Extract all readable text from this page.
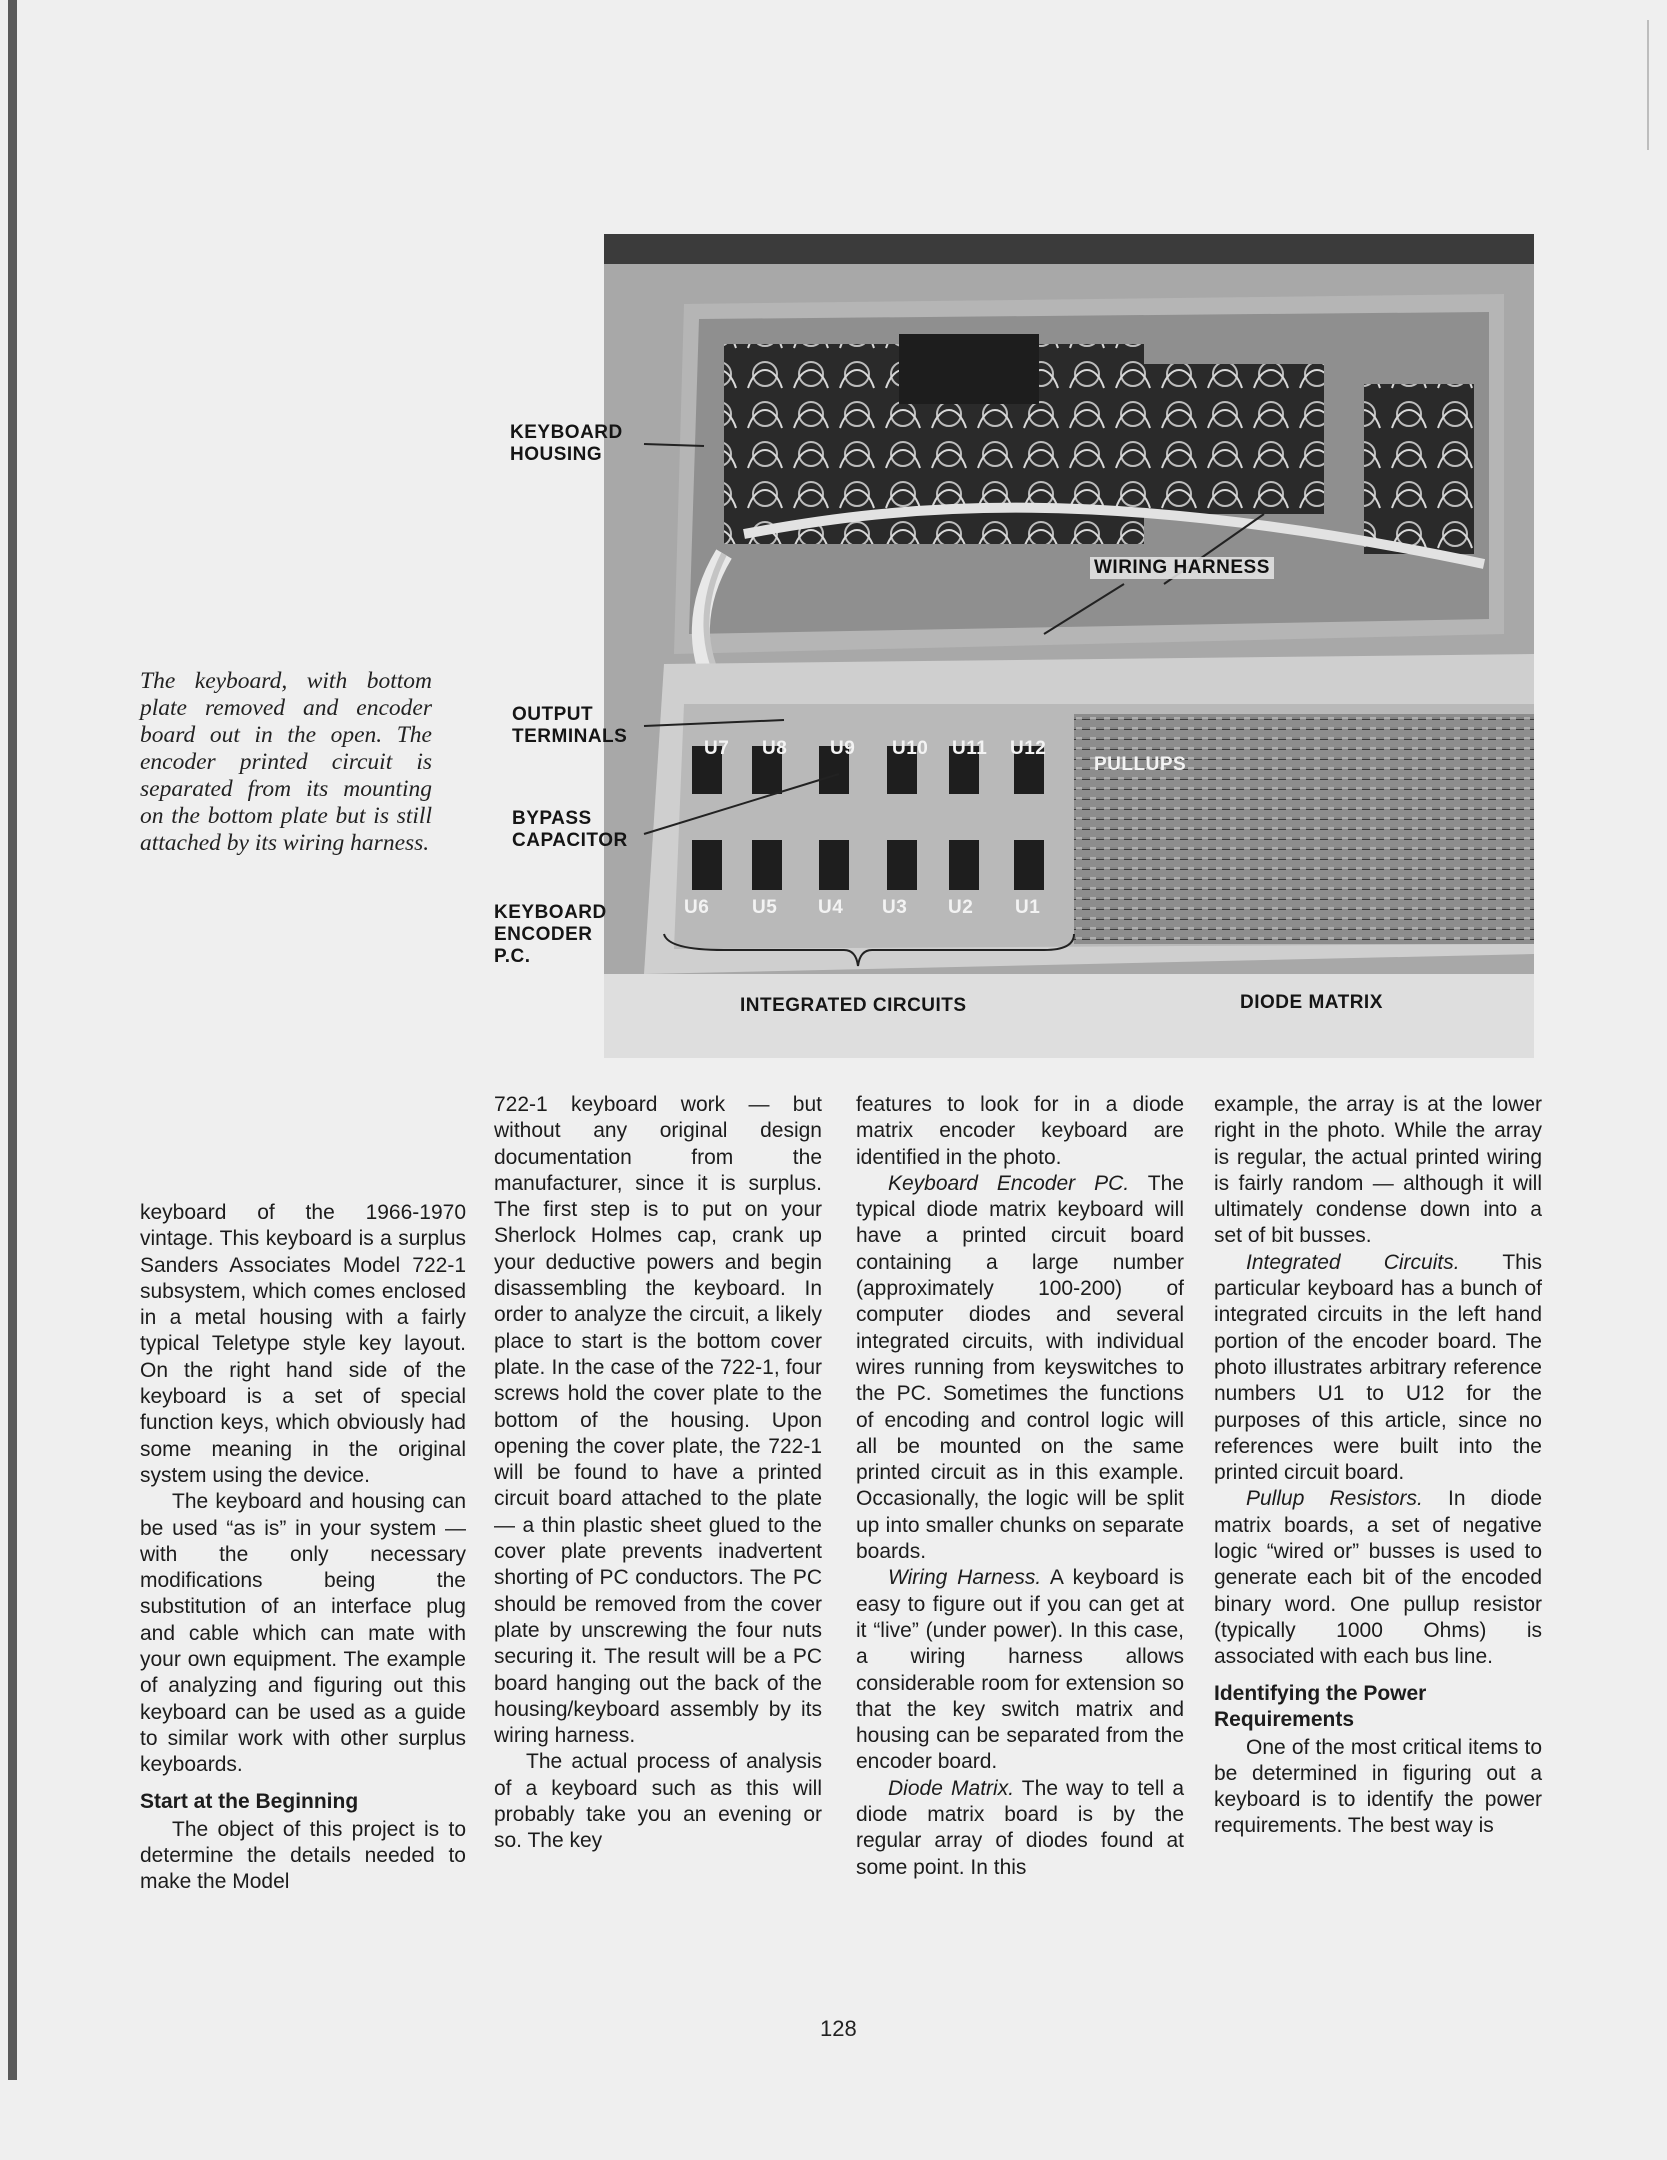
The keyboard, with bottom plate removed and encoder board out in the open. The encoder printed circuit is separated from its mounting on the bottom plate but is still attached by its wiring harness.
KEYBOARD
HOUSING
WIRING HARNESS
OUTPUT
TERMINALS
BYPASS
CAPACITOR
KEYBOARD
ENCODER
P.C.
PULLUPS
INTEGRATED CIRCUITS	DIODE MATRIX
U7 U8 U9 U10 U11 U12
U6 U5 U4 U3 U2 U1

keyboard of the 1966-1970 vintage. This keyboard is a surplus Sanders Associates Model 722-1 subsystem, which comes enclosed in a metal housing with a fairly typical Teletype style key layout. On the right hand side of the keyboard is a set of special function keys, which obviously had some meaning in the original system using the device.

The keyboard and housing can be used “as is” in your system — with the only necessary modifications being the substitution of an interface plug and cable which can mate with your own equipment. The example of analyzing and figuring out this keyboard can be used as a guide to similar work with other surplus keyboards.

Start at the Beginning

The object of this project is to determine the details needed to make the Model

722-1 keyboard work — but without any original design documentation from the manufacturer, since it is surplus. The first step is to put on your Sherlock Holmes cap, crank up your deductive powers and begin disassembling the keyboard. In order to analyze the circuit, a likely place to start is the bottom cover plate. In the case of the 722-1, four screws hold the cover plate to the bottom of the housing. Upon opening the cover plate, the 722-1 will be found to have a printed circuit board attached to the plate — a thin plastic sheet glued to the cover plate prevents inadvertent shorting of PC conductors. The PC should be removed from the cover plate by unscrewing the four nuts securing it. The result will be a PC board hanging out the back of the housing/keyboard assembly by its wiring harness.

The actual process of analysis of a keyboard such as this will probably take you an evening or so. The key

features to look for in a diode matrix encoder keyboard are identified in the photo.

Keyboard Encoder PC. The typical diode matrix keyboard will have a printed circuit board containing a large number (approximately 100-200) of computer diodes and several integrated circuits, with individual wires running from keyswitches to the PC. Sometimes the functions of encoding and control logic will all be mounted on the same printed circuit as in this example. Occasionally, the logic will be split up into smaller chunks on separate boards.

Wiring Harness. A keyboard is easy to figure out if you can get at it “live” (under power). In this case, a wiring harness allows considerable room for extension so that the key switch matrix and housing can be separated from the encoder board.

Diode Matrix. The way to tell a diode matrix board is by the regular array of diodes found at some point. In this

example, the array is at the lower right in the photo. While the array is regular, the actual printed wiring is fairly random — although it will ultimately condense down into a set of bit busses.

Integrated Circuits. This particular keyboard has a bunch of integrated circuits in the left hand portion of the encoder board. The photo illustrates arbitrary reference numbers U1 to U12 for the purposes of this article, since no references were built into the printed circuit board.

Pullup Resistors. In diode matrix boards, a set of negative logic “wired or” busses is used to generate each bit of the encoded binary word. One pullup resistor (typically 1000 Ohms) is associated with each bus line.

Identifying the Power Requirements

One of the most critical items to be determined in figuring out a keyboard is to identify the power requirements. The best way is

128
